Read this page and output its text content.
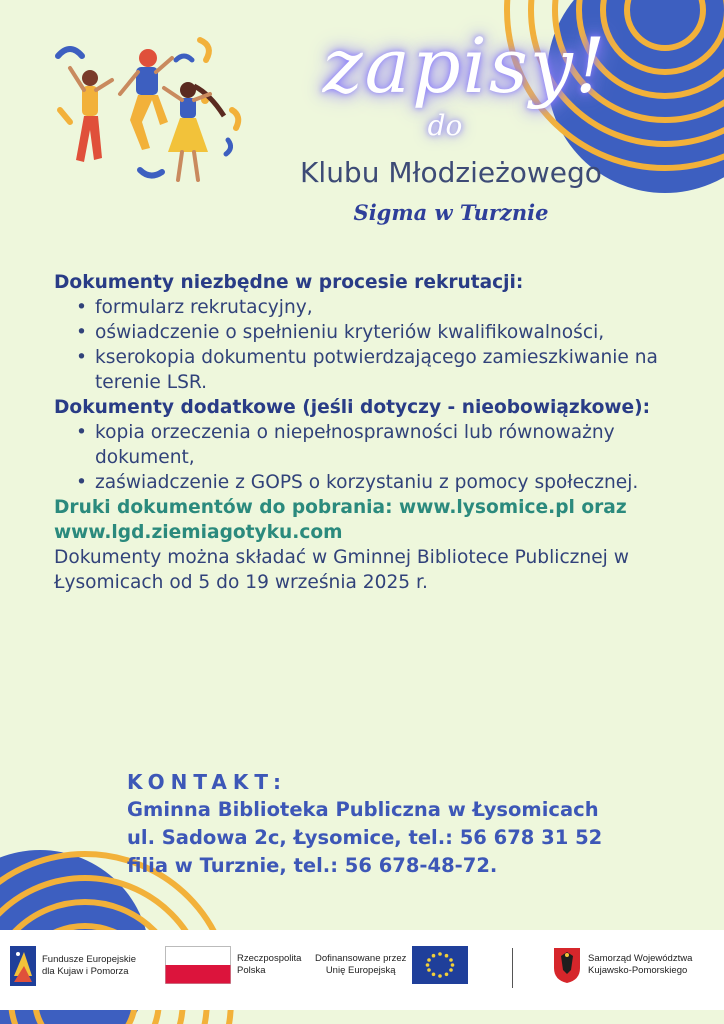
zapisy!
do
Klubu Młodzieżowego
Sigma w Turznie
Dokumenty niezbędne w procesie rekrutacji:
• formularz rekrutacyjny,
• oświadczenie o spełnieniu kryteriów kwalifikowalności,
• kserokopia dokumentu potwierdzającego zamieszkiwanie na terenie LSR.
Dokumenty dodatkowe (jeśli dotyczy - nieobowiązkowe):
• kopia orzeczenia o niepełnosprawności lub równoważny dokument,
• zaświadczenie z GOPS o korzystaniu z pomocy społecznej.
Druki dokumentów do pobrania: www.lysomice.pl oraz www.lgd.ziemiagotyku.com
Dokumenty można składać w Gminnej Bibliotece Publicznej w Łysomicach od 5 do 19 września 2025 r.
KONTAKT:
Gminna Biblioteka Publiczna w Łysomicach
ul. Sadowa 2c, Łysomice, tel.: 56 678 31 52
filia w Turznie, tel.: 56 678-48-72.
Fundusze Europejskie
dla Kujaw i Pomorza
Rzeczpospolita
Polska
Dofinansowane przez
Unię Europejską
Samorząd Województwa
Kujawsko-Pomorskiego
